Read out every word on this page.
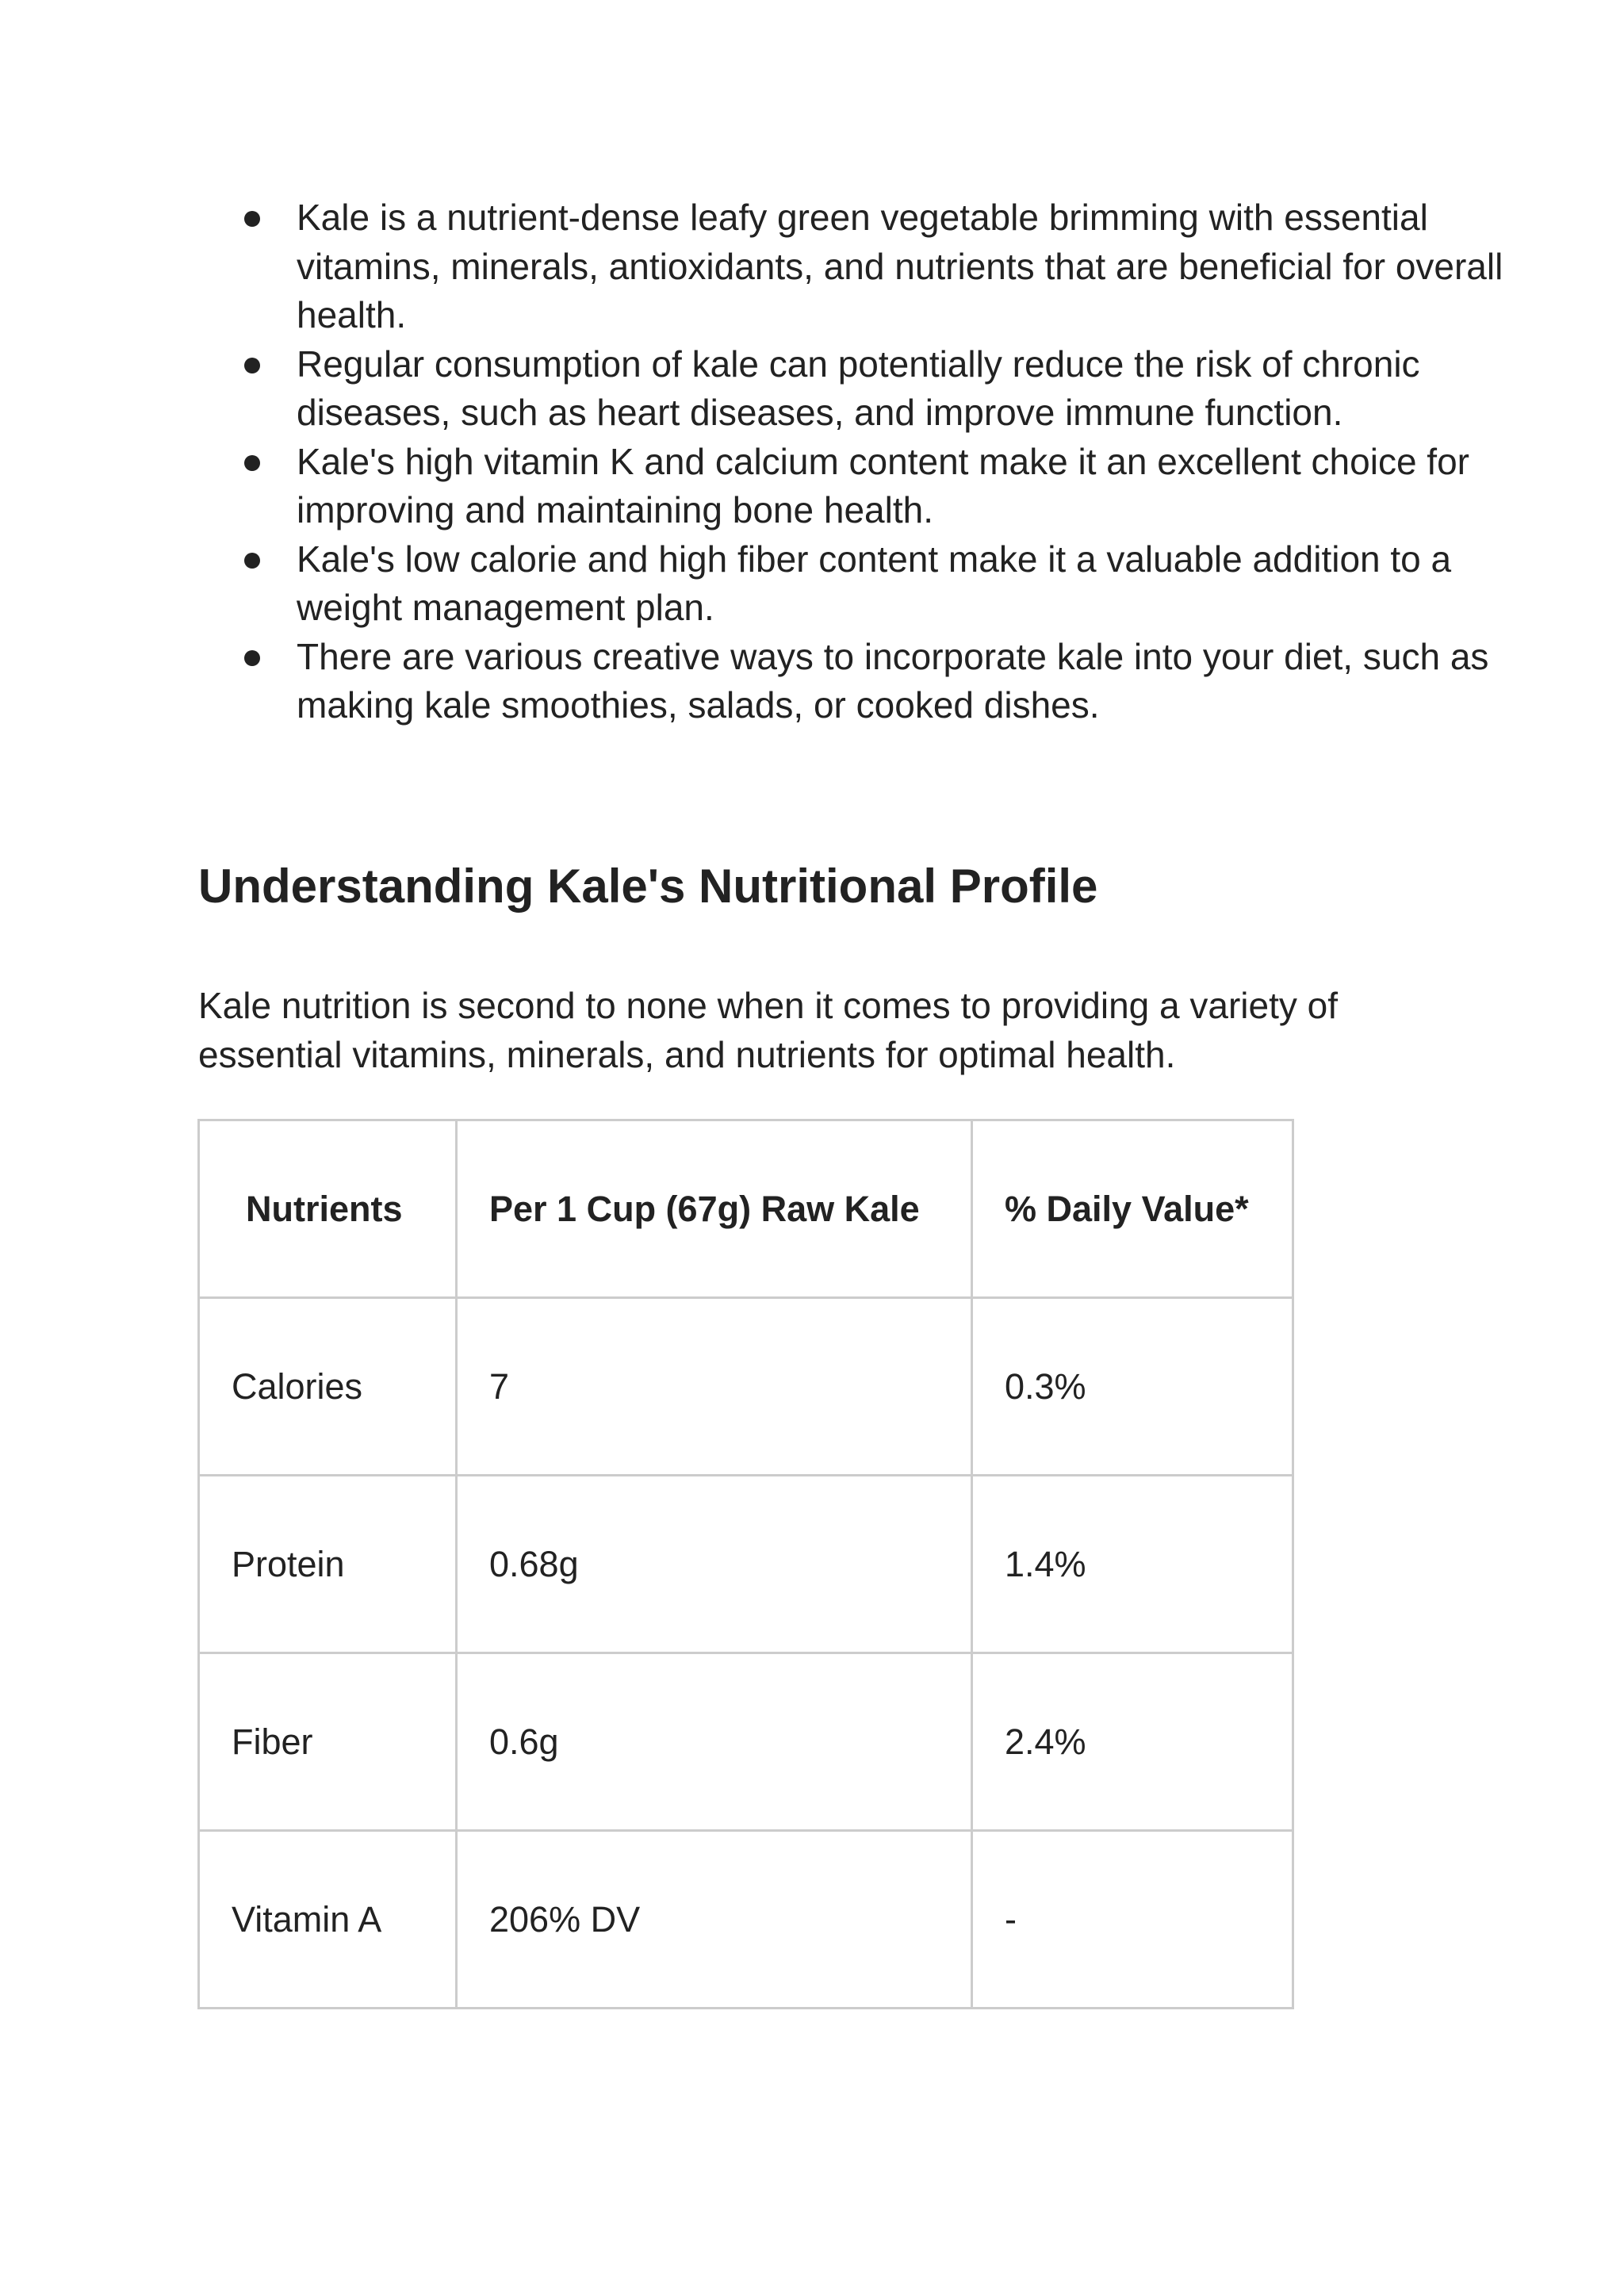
Kale is a nutrient-dense leafy green vegetable brimming with essential vitamins, minerals, antioxidants, and nutrients that are beneficial for overall health.
Regular consumption of kale can potentially reduce the risk of chronic diseases, such as heart diseases, and improve immune function.
Kale's high vitamin K and calcium content make it an excellent choice for improving and maintaining bone health.
Kale's low calorie and high fiber content make it a valuable addition to a weight management plan.
There are various creative ways to incorporate kale into your diet, such as making kale smoothies, salads, or cooked dishes.
Understanding Kale's Nutritional Profile

Kale nutrition is second to none when it comes to providing a variety of essential vitamins, minerals, and nutrients for optimal health.

Nutrients	Per 1 Cup (67g) Raw Kale	% Daily Value*
Calories	7	0.3%
Protein	0.68g	1.4%
Fiber	0.6g	2.4%
Vitamin A	206% DV	-
